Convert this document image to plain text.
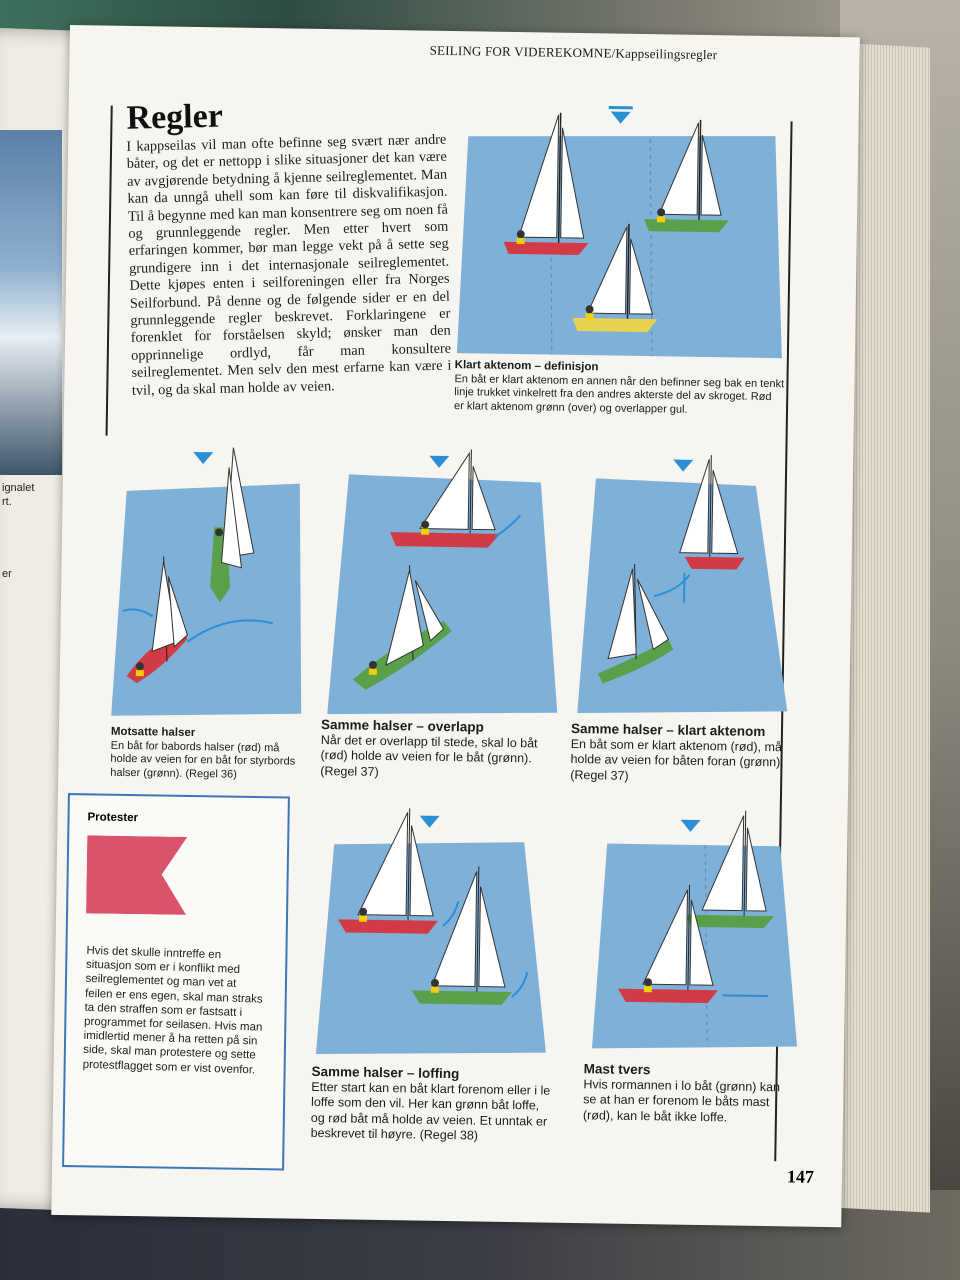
ignalet
rt.
er
SEILING FOR VIDEREKOMNE/Kappseilingsregler
Regler
I kappseilas vil man ofte befinne seg svært nær andre båter, og det er nettopp i slike situasjoner det kan være av avgjørende betydning å kjenne seilreglementet. Man kan da unngå uhell som kan føre til diskvalifikasjon. Til å begynne med kan man konsentrere seg om noen få og grunnleggende regler. Men etter hvert som erfaringen kommer, bør man legge vekt på å sette seg grundigere inn i det internasjonale seilreglementet. Dette kjøpes enten i seilforeningen eller fra Norges Seilforbund. På denne og de følgende sider er en del grunnleggende regler beskrevet. Forklaringene er forenklet for forståelsen skyld; ønsker man den opprinnelige ordlyd, får man konsultere seilreglementet. Men selv den mest erfarne kan være i tvil, og da skal man holde av veien.
Klart aktenom – definisjon
En båt er klart aktenom en annen når den befinner seg bak en tenkt linje trukket vinkelrett fra den andres akterste del av skroget. Rød er klart aktenom grønn (over) og overlapper gul.
Motsatte halser
En båt for babords halser (rød) må holde av veien for en båt for styrbords halser (grønn). (Regel 36)
Samme halser – overlapp
Når det er overlapp til stede, skal lo båt (rød) holde av veien for le båt (grønn). (Regel 37)
Samme halser – klart aktenom
En båt som er klart aktenom (rød), må holde av veien for båten foran (grønn). (Regel 37)
Protester
Hvis det skulle inntreffe en situasjon som er i konflikt med seilreglementet og man vet at feilen er ens egen, skal man straks ta den straffen som er fastsatt i programmet for seilasen. Hvis man imidlertid mener å ha retten på sin side, skal man protestere og sette protestflagget som er vist ovenfor.	Samme halser – loffing
Etter start kan en båt klart forenom eller i le loffe som den vil. Her kan grønn båt loffe, og rød båt må holde av veien. Et unntak er beskrevet til høyre. (Regel 38)
Mast tvers
Hvis rormannen i lo båt (grønn) kan se at han er forenom le båts mast (rød), kan le båt ikke loffe.
147
